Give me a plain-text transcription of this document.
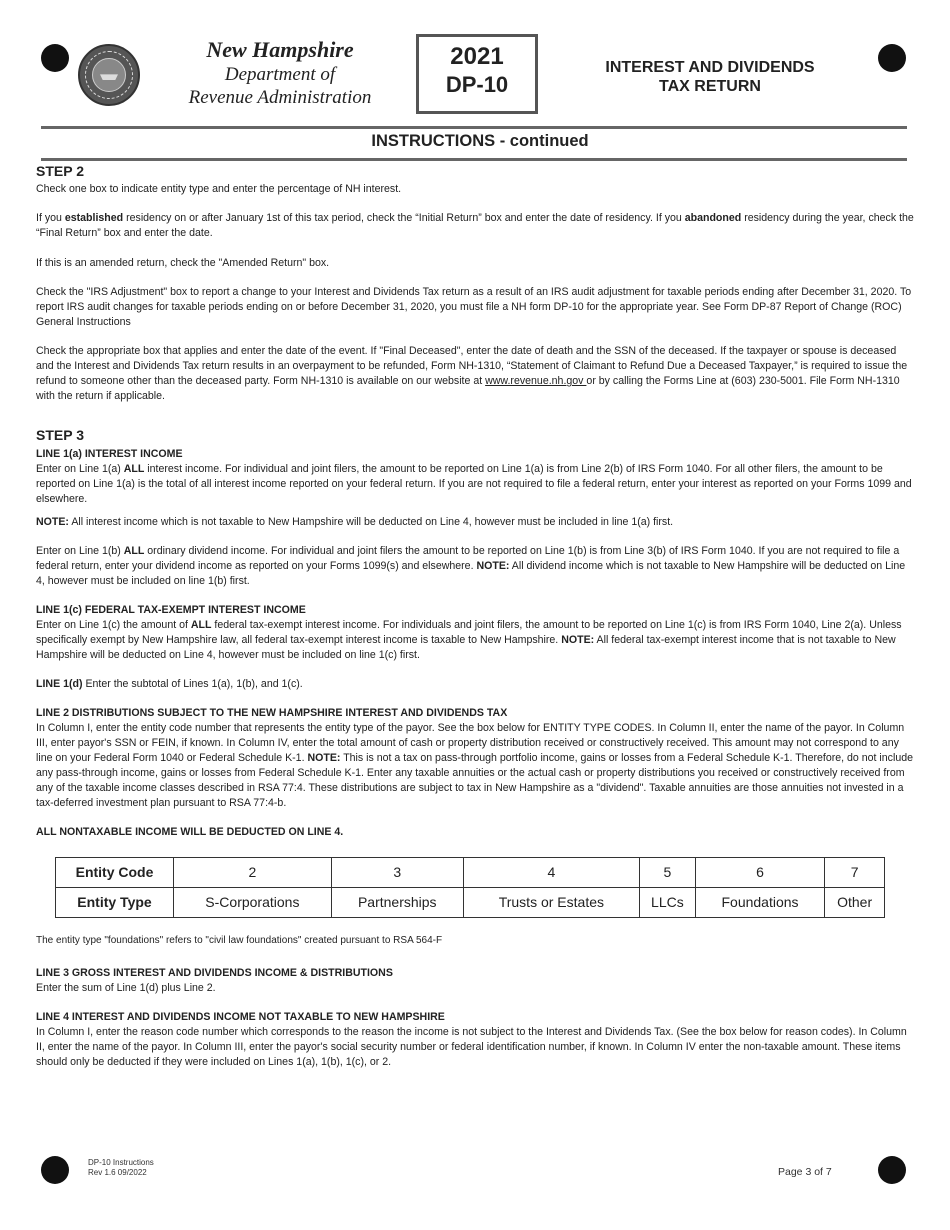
New Hampshire
Department of
Revenue Administration
2021
DP-10
INTEREST AND DIVIDENDS
TAX RETURN
INSTRUCTIONS - continued

STEP 2

Check one box to indicate entity type and enter the percentage of NH interest.

If you established residency on or after January 1st of this tax period, check the “Initial Return” box and enter the date of residency. If you abandoned residency during the year, check the “Final Return” box and enter the date.

If this is an amended return, check the "Amended Return" box.

Check the "IRS Adjustment" box to report a change to your Interest and Dividends Tax return as a result of an IRS audit adjustment for taxable periods ending after December 31, 2020. To report IRS audit changes for taxable periods ending on or before December 31, 2020, you must file a NH form DP-10 for the appropriate year. See Form DP-87 Report of Change (ROC) General Instructions

Check the appropriate box that applies and enter the date of the event. If "Final Deceased", enter the date of death and the SSN of the deceased. If the taxpayer or spouse is deceased and the Interest and Dividends Tax return results in an overpayment to be refunded, Form NH-1310, “Statement of Claimant to Refund Due a Deceased Taxpayer,” is required to issue the refund to someone other than the deceased party. Form NH-1310 is available on our website at www.revenue.nh.gov or by calling the Forms Line at (603) 230-5001. File Form NH-1310 with the return if applicable.

STEP 3

LINE 1(a) INTEREST INCOME

Enter on Line 1(a) ALL interest income. For individual and joint filers, the amount to be reported on Line 1(a) is from Line 2(b) of IRS Form 1040. For all other filers, the amount to be reported on Line 1(a) is the total of all interest income reported on your federal return. If you are not required to file a federal return, enter your interest as reported on your Forms 1099 and elsewhere.

NOTE: All interest income which is not taxable to New Hampshire will be deducted on Line 4, however must be included in line 1(a) first.

Enter on Line 1(b) ALL ordinary dividend income. For individual and joint filers the amount to be reported on Line 1(b) is from Line 3(b) of IRS Form 1040. If you are not required to file a federal return, enter your dividend income as reported on your Forms 1099(s) and elsewhere. NOTE: All dividend income which is not taxable to New Hampshire will be deducted on Line 4, however must be included on line 1(b) first.

LINE 1(c) FEDERAL TAX-EXEMPT INTEREST INCOME

Enter on Line 1(c) the amount of ALL federal tax-exempt interest income. For individuals and joint filers, the amount to be reported on Line 1(c) is from IRS Form 1040, Line 2(a). Unless specifically exempt by New Hampshire law, all federal tax-exempt interest income is taxable to New Hampshire. NOTE: All federal tax-exempt interest income that is not taxable to New Hampshire will be deducted on Line 4, however must be included on line 1(c) first.

LINE 1(d) Enter the subtotal of Lines 1(a), 1(b), and 1(c).

LINE 2 DISTRIBUTIONS SUBJECT TO THE NEW HAMPSHIRE INTEREST AND DIVIDENDS TAX

In Column I, enter the entity code number that represents the entity type of the payor. See the box below for ENTITY TYPE CODES. In Column II, enter the name of the payor. In Column III, enter payor's SSN or FEIN, if known. In Column IV, enter the total amount of cash or property distribution received or constructively received. This amount may not correspond to any line on your Federal Form 1040 or Federal Schedule K-1. NOTE: This is not a tax on pass-through portfolio income, gains or losses from a Federal Schedule K-1. Therefore, do not include any pass-through income, gains or losses from Federal Schedule K-1. Enter any taxable annuities or the actual cash or property distributions you received or constructively received from any of the taxable income classes described in RSA 77:4. These distributions are subject to tax in New Hampshire as a "dividend". Taxable annuities are those annuities not invested in a tax-deferred investment plan pursuant to RSA 77:4-b.

ALL NONTAXABLE INCOME WILL BE DEDUCTED ON LINE 4.

Entity Code	2	3	4	5	6	7
Entity Type	S-Corporations	Partnerships	Trusts or Estates	LLCs	Foundations	Other

The entity type "foundations" refers to "civil law foundations" created pursuant to RSA 564-F

LINE 3 GROSS INTEREST AND DIVIDENDS INCOME & DISTRIBUTIONS

Enter the sum of Line 1(d) plus Line 2.

LINE 4 INTEREST AND DIVIDENDS INCOME NOT TAXABLE TO NEW HAMPSHIRE

In Column I, enter the reason code number which corresponds to the reason the income is not subject to the Interest and Dividends Tax. (See the box below for reason codes). In Column II, enter the name of the payor. In Column III, enter the payor's social security number or federal identification number, if known. In Column IV enter the non-taxable amount. These items should only be deducted if they were included on Lines 1(a), 1(b), 1(c), or 2.

DP-10 Instructions
Rev 1.6 09/2022	Page 3 of 7
